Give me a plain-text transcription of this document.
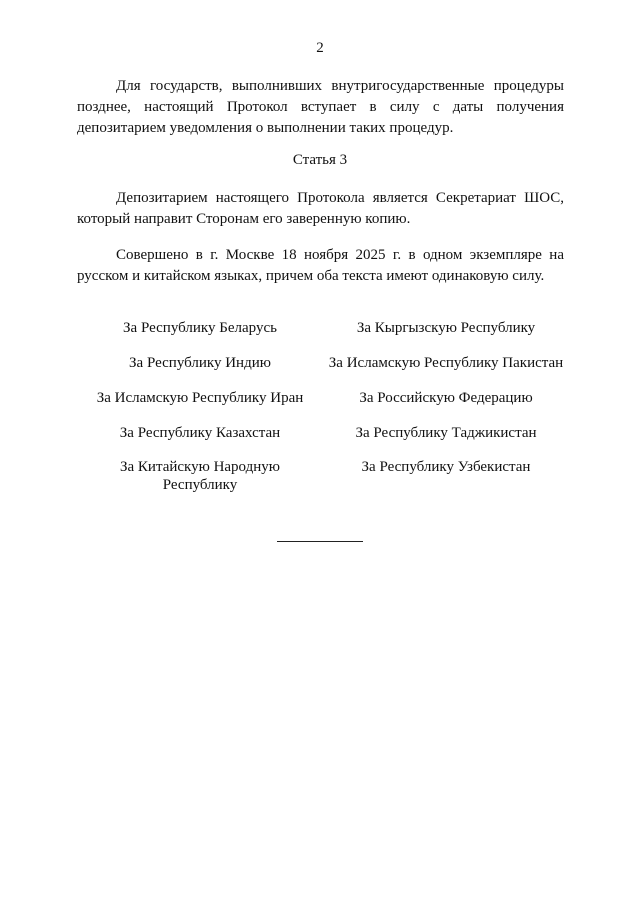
2

Для государств, выполнивших внутригосударственные процедуры позднее, настоящий Протокол вступает в силу с даты получения депозитарием уведомления о выполнении таких процедур.

Статья 3

Депозитарием настоящего Протокола является Секретариат ШОС, который направит Сторонам его заверенную копию.

Совершено в г. Москве 18 ноября 2025 г. в одном экземпляре на русском и китайском языках, причем оба текста имеют одинаковую силу.

За Республику Беларусь
За Республику Индию
За Исламскую Республику Иран
За Республику Казахстан
За Китайскую Народную Республику
За Кыргызскую Республику
За Исламскую Республику Пакистан
За Российскую Федерацию
За Республику Таджикистан
За Республику Узбекистан
